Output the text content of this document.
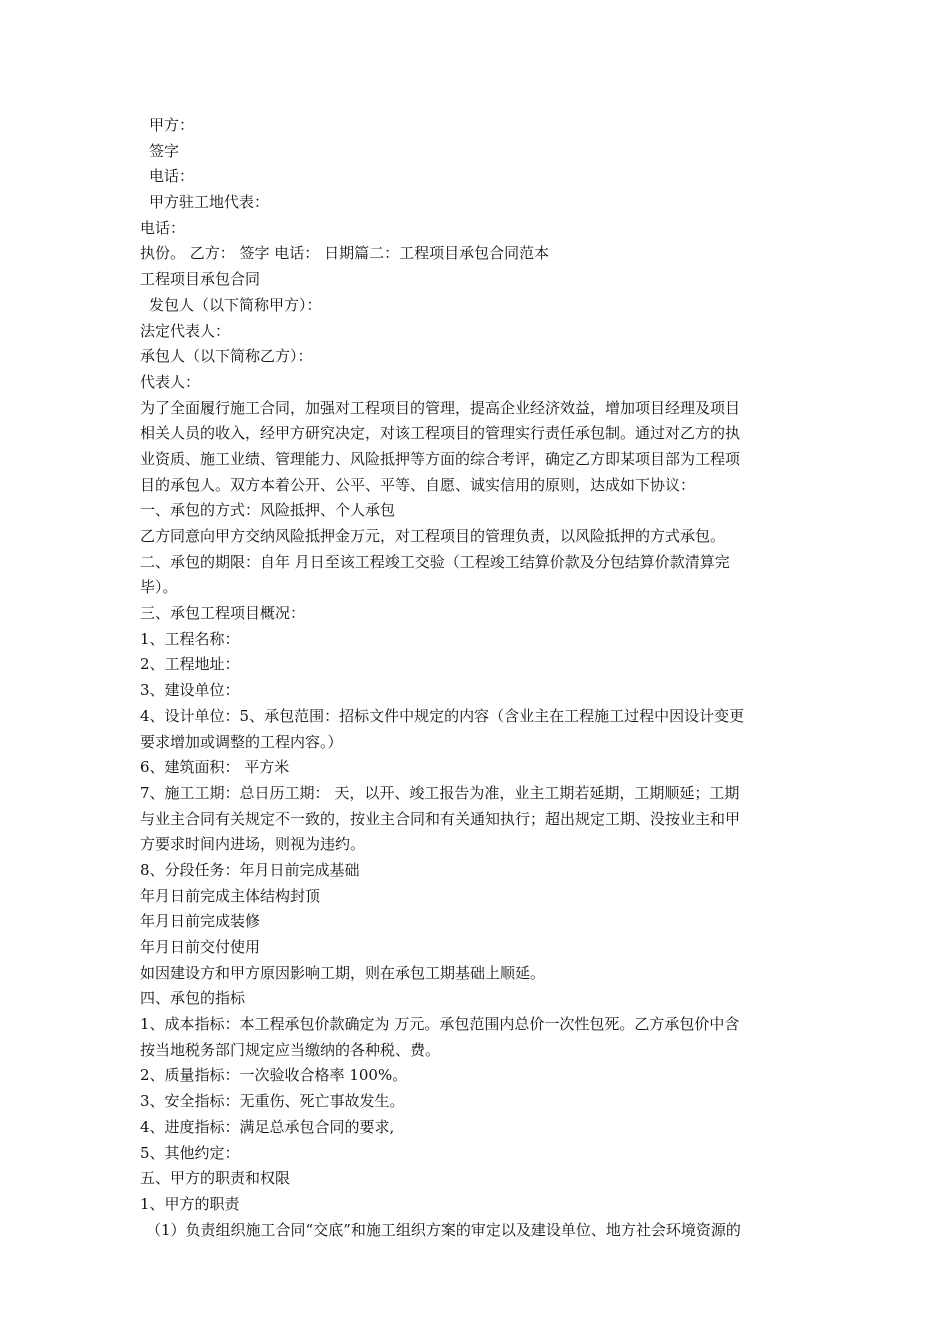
甲方：
签字
电话：
甲方驻工地代表：
电话：
执份。 乙方： 签字 电话： 日期篇二：工程项目承包合同范本
工程项目承包合同
发包人（以下简称甲方）：
法定代表人：
承包人（以下简称乙方）：
代表人：
为了全面履行施工合同，加强对工程项目的管理，提高企业经济效益，增加项目经理及项目
相关人员的收入，经甲方研究决定，对该工程项目的管理实行责任承包制。通过对乙方的执
业资质、施工业绩、管理能力、风险抵押等方面的综合考评，确定乙方即某项目部为工程项
目的承包人。双方本着公开、公平、平等、自愿、诚实信用的原则，达成如下协议：
一、承包的方式：风险抵押、个人承包
乙方同意向甲方交纳风险抵押金万元，对工程项目的管理负责，以风险抵押的方式承包。
二、承包的期限：自年 月日至该工程竣工交验（工程竣工结算价款及分包结算价款清算完
毕）。
三、承包工程项目概况：
1、工程名称：
2、工程地址：
3、建设单位：
4、设计单位：5、承包范围：招标文件中规定的内容（含业主在工程施工过程中因设计变更
要求增加或调整的工程内容。）
6、建筑面积： 平方米
7、施工工期：总日历工期： 天，以开、竣工报告为准，业主工期若延期，工期顺延；工期
与业主合同有关规定不一致的，按业主合同和有关通知执行；超出规定工期、没按业主和甲
方要求时间内进场，则视为违约。
8、分段任务：年月日前完成基础
年月日前完成主体结构封顶
年月日前完成装修
年月日前交付使用
如因建设方和甲方原因影响工期，则在承包工期基础上顺延。
四、承包的指标
1、成本指标：本工程承包价款确定为 万元。承包范围内总价一次性包死。乙方承包价中含
按当地税务部门规定应当缴纳的各种税、费。
2、质量指标：一次验收合格率 100%。
3、安全指标：无重伤、死亡事故发生。
4、进度指标：满足总承包合同的要求,
5、其他约定：
五、甲方的职责和权限
1、甲方的职责
（1）负责组织施工合同“交底”和施工组织方案的审定以及建设单位、地方社会环境资源的
